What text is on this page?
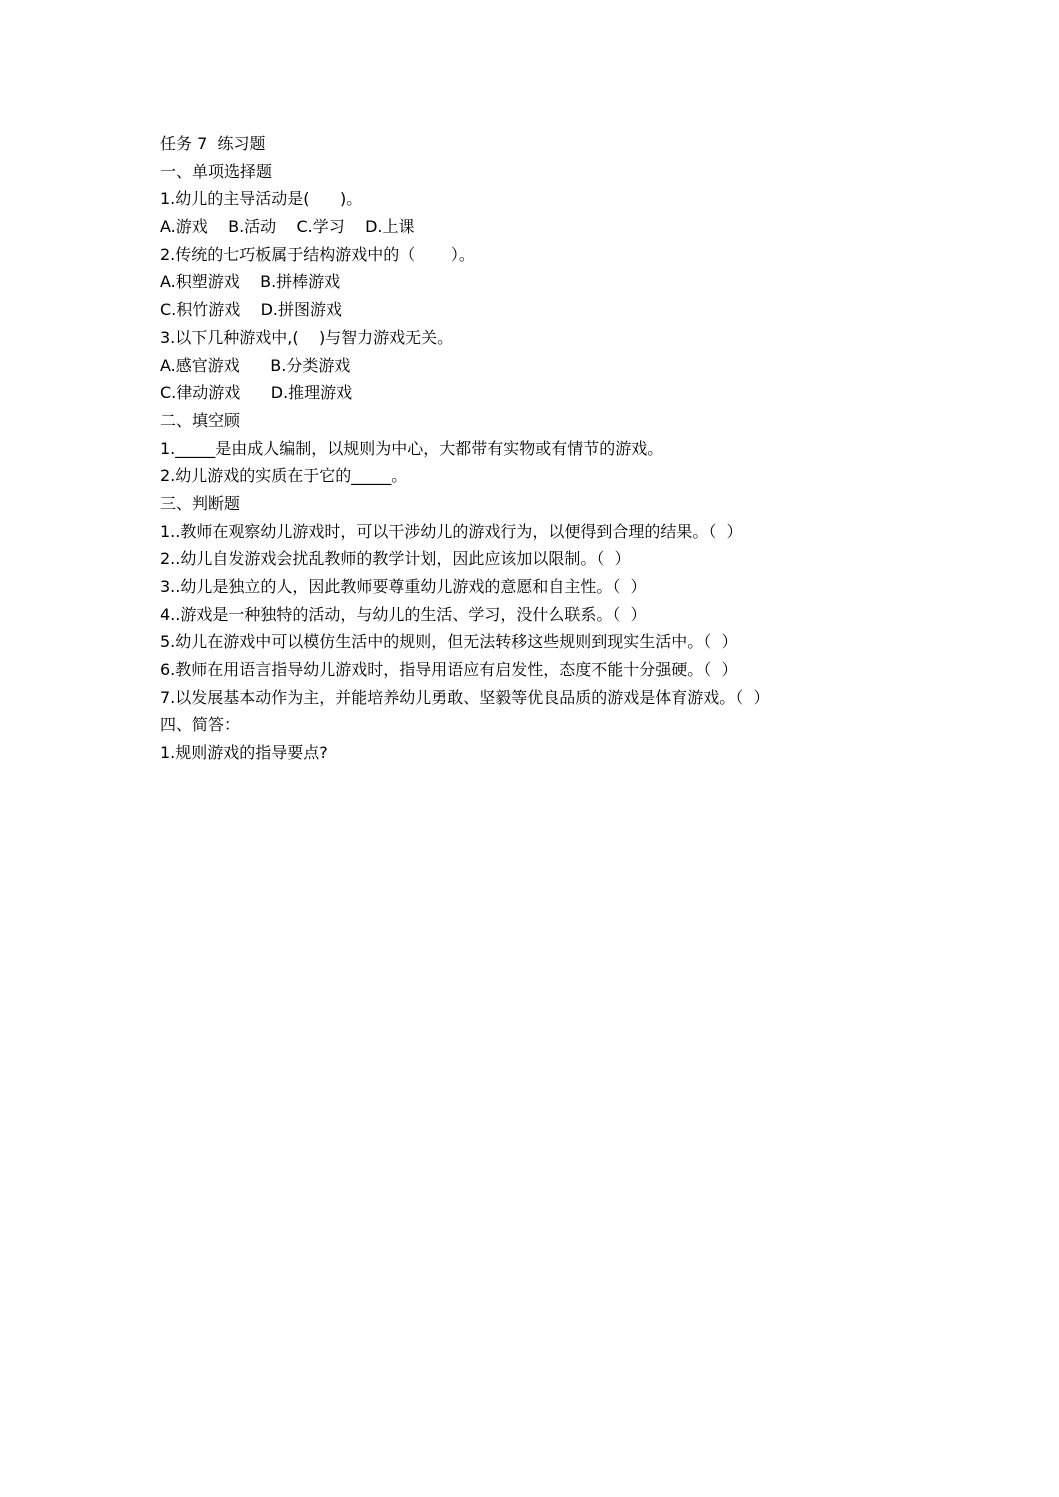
任务 7  练习题
一、单项选择题
1.幼儿的主导活动是(      )。
A.游戏    B.活动    C.学习    D.上课
2.传统的七巧板属于结构游戏中的（       ）。
A.积塑游戏    B.拼棒游戏
C.积竹游戏    D.拼图游戏
3.以下几种游戏中,(    )与智力游戏无关。
A.感官游戏      B.分类游戏
C.律动游戏      D.推理游戏
二、填空顾
1._____是由成人编制，以规则为中心，大都带有实物或有情节的游戏。
2.幼儿游戏的实质在于它的_____。
三、判断题
1..教师在观察幼儿游戏时，可以干涉幼儿的游戏行为，以便得到合理的结果。（  ）
2..幼儿自发游戏会扰乱教师的教学计划，因此应该加以限制。（  ）
3..幼儿是独立的人，因此教师要尊重幼儿游戏的意愿和自主性。（  ）
4..游戏是一种独特的活动，与幼儿的生活、学习，没什么联系。（  ）
5.幼儿在游戏中可以模仿生活中的规则，但无法转移这些规则到现实生活中。（  ）
6.教师在用语言指导幼儿游戏时，指导用语应有启发性，态度不能十分强硬。（  ）
7.以发展基本动作为主，并能培养幼儿勇敢、坚毅等优良品质的游戏是体育游戏。（  ）
四、简答：
1.规则游戏的指导要点?
